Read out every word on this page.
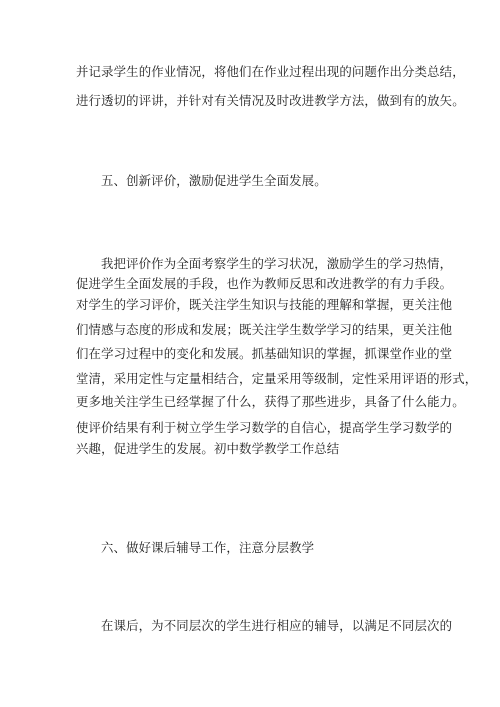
并记录学生的作业情况，将他们在作业过程出现的问题作出分类总结，
进行透切的评讲，并针对有关情况及时改进教学方法，做到有的放矢。
五、创新评价，激励促进学生全面发展。
我把评价作为全面考察学生的学习状况，激励学生的学习热情，
促进学生全面发展的手段，也作为教师反思和改进教学的有力手段。
对学生的学习评价，既关注学生知识与技能的理解和掌握，更关注他
们情感与态度的形成和发展；既关注学生数学学习的结果，更关注他
们在学习过程中的变化和发展。抓基础知识的掌握，抓课堂作业的堂
堂清，采用定性与定量相结合，定量采用等级制，定性采用评语的形式，
更多地关注学生已经掌握了什么，获得了那些进步，具备了什么能力。
使评价结果有利于树立学生学习数学的自信心，提高学生学习数学的
兴趣，促进学生的发展。初中数学教学工作总结
六、做好课后辅导工作，注意分层教学
在课后，为不同层次的学生进行相应的辅导，以满足不同层次的
